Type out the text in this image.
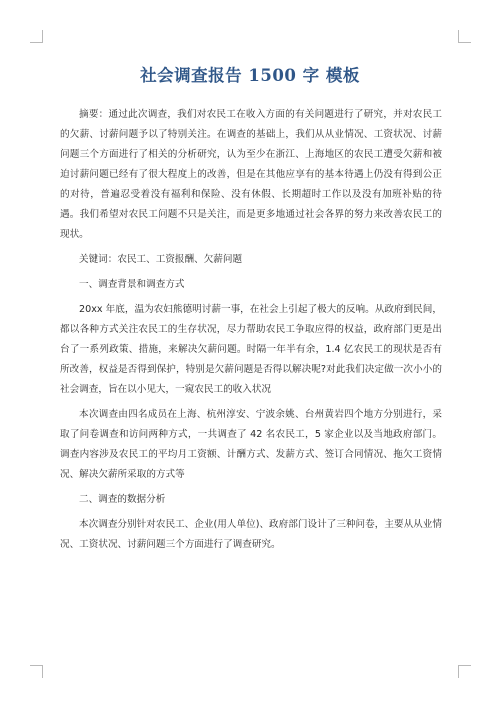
社会调查报告 1500 字 模板

摘要：通过此次调查，我们对农民工在收入方面的有关问题进行了研究，并对农民工的欠薪、讨薪问题予以了特别关注。在调查的基础上，我们从从业情况、工资状况、讨薪问题三个方面进行了相关的分析研究，认为至少在浙江、上海地区的农民工遭受欠薪和被迫讨薪问题已经有了很大程度上的改善，但是在其他应享有的基本待遇上仍没有得到公正的对待，普遍忍受着没有福利和保险、没有休假、长期超时工作以及没有加班补贴的待遇。我们希望对农民工问题不只是关注，而是更多地通过社会各界的努力来改善农民工的现状。

关键词：农民工、工资报酬、欠薪问题

一、调查背景和调查方式

20xx 年底，温为农妇熊德明讨薪一事，在社会上引起了极大的反响。从政府到民间，都以各种方式关注农民工的生存状况，尽力帮助农民工争取应得的权益，政府部门更是出台了一系列政策、措施，来解决欠薪问题。时隔一年半有余，1.4 亿农民工的现状是否有所改善，权益是否得到保护，特别是欠薪问题是否得以解决呢?对此我们决定做一次小小的社会调查，旨在以小见大，一窥农民工的收入状况

本次调查由四名成员在上海、杭州淳安、宁波余姚、台州黄岩四个地方分别进行，采取了问卷调查和访问两种方式，一共调查了 42 名农民工，5 家企业以及当地政府部门。调查内容涉及农民工的平均月工资额、计酬方式、发薪方式、签订合同情况、拖欠工资情况、解决欠薪所采取的方式等

二、调查的数据分析

本次调查分别针对农民工、企业(用人单位)、政府部门设计了三种问卷，主要从从业情况、工资状况、讨薪问题三个方面进行了调查研究。
